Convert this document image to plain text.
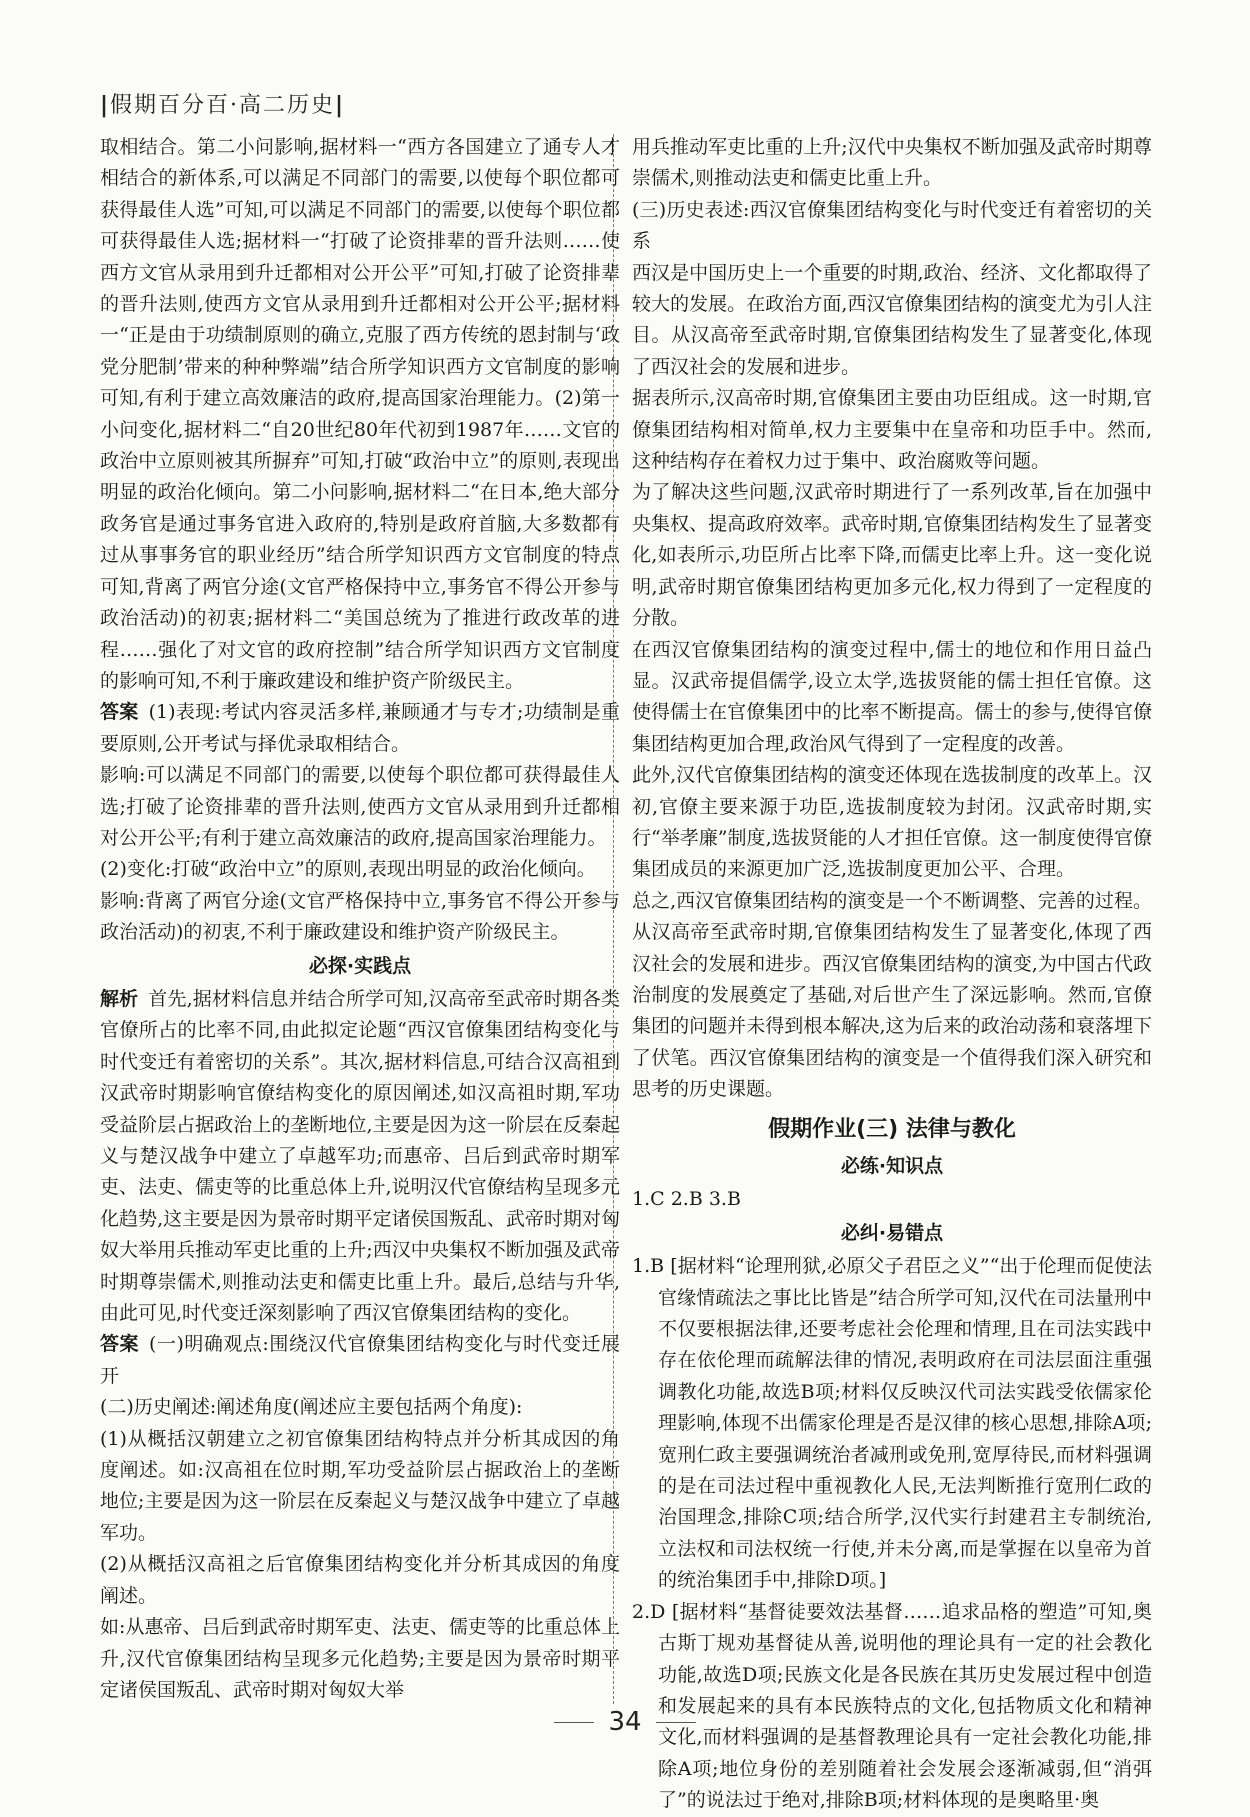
|假期百分百·高二历史|

取相结合。第二小问影响,据材料一“西方各国建立了通专人才相结合的新体系,可以满足不同部门的需要,以使每个职位都可获得最佳人选”可知,可以满足不同部门的需要,以使每个职位都可获得最佳人选;据材料一“打破了论资排辈的晋升法则……使西方文官从录用到升迁都相对公开公平”可知,打破了论资排辈的晋升法则,使西方文官从录用到升迁都相对公开公平;据材料一“正是由于功绩制原则的确立,克服了西方传统的恩封制与‘政党分肥制’带来的种种弊端”结合所学知识西方文官制度的影响可知,有利于建立高效廉洁的政府,提高国家治理能力。(2)第一小问变化,据材料二“自20世纪80年代初到1987年……文官的政治中立原则被其所摒弃”可知,打破“政治中立”的原则,表现出明显的政治化倾向。第二小问影响,据材料二“在日本,绝大部分政务官是通过事务官进入政府的,特别是政府首脑,大多数都有过从事事务官的职业经历”结合所学知识西方文官制度的特点可知,背离了两官分途(文官严格保持中立,事务官不得公开参与政治活动)的初衷;据材料二“美国总统为了推进行政改革的进程……强化了对文官的政府控制”结合所学知识西方文官制度的影响可知,不利于廉政建设和维护资产阶级民主。

答案 (1)表现:考试内容灵活多样,兼顾通才与专才;功绩制是重要原则,公开考试与择优录取相结合。

影响:可以满足不同部门的需要,以使每个职位都可获得最佳人选;打破了论资排辈的晋升法则,使西方文官从录用到升迁都相对公开公平;有利于建立高效廉洁的政府,提高国家治理能力。

(2)变化:打破“政治中立”的原则,表现出明显的政治化倾向。

影响:背离了两官分途(文官严格保持中立,事务官不得公开参与政治活动)的初衷,不利于廉政建设和维护资产阶级民主。

必探·实践点

解析 首先,据材料信息并结合所学可知,汉高帝至武帝时期各类官僚所占的比率不同,由此拟定论题“西汉官僚集团结构变化与时代变迁有着密切的关系”。其次,据材料信息,可结合汉高祖到汉武帝时期影响官僚结构变化的原因阐述,如汉高祖时期,军功受益阶层占据政治上的垄断地位,主要是因为这一阶层在反秦起义与楚汉战争中建立了卓越军功;而惠帝、吕后到武帝时期军吏、法吏、儒吏等的比重总体上升,说明汉代官僚结构呈现多元化趋势,这主要是因为景帝时期平定诸侯国叛乱、武帝时期对匈奴大举用兵推动军吏比重的上升;西汉中央集权不断加强及武帝时期尊崇儒术,则推动法吏和儒吏比重上升。最后,总结与升华,由此可见,时代变迁深刻影响了西汉官僚集团结构的变化。

答案 (一)明确观点:围绕汉代官僚集团结构变化与时代变迁展开

(二)历史阐述:阐述角度(阐述应主要包括两个角度):

(1)从概括汉朝建立之初官僚集团结构特点并分析其成因的角度阐述。如:汉高祖在位时期,军功受益阶层占据政治上的垄断地位;主要是因为这一阶层在反秦起义与楚汉战争中建立了卓越军功。

(2)从概括汉高祖之后官僚集团结构变化并分析其成因的角度阐述。

如:从惠帝、吕后到武帝时期军吏、法吏、儒吏等的比重总体上升,汉代官僚集团结构呈现多元化趋势;主要是因为景帝时期平定诸侯国叛乱、武帝时期对匈奴大举

用兵推动军吏比重的上升;汉代中央集权不断加强及武帝时期尊崇儒术,则推动法吏和儒吏比重上升。

(三)历史表述:西汉官僚集团结构变化与时代变迁有着密切的关系

西汉是中国历史上一个重要的时期,政治、经济、文化都取得了较大的发展。在政治方面,西汉官僚集团结构的演变尤为引人注目。从汉高帝至武帝时期,官僚集团结构发生了显著变化,体现了西汉社会的发展和进步。

据表所示,汉高帝时期,官僚集团主要由功臣组成。这一时期,官僚集团结构相对简单,权力主要集中在皇帝和功臣手中。然而,这种结构存在着权力过于集中、政治腐败等问题。

为了解决这些问题,汉武帝时期进行了一系列改革,旨在加强中央集权、提高政府效率。武帝时期,官僚集团结构发生了显著变化,如表所示,功臣所占比率下降,而儒吏比率上升。这一变化说明,武帝时期官僚集团结构更加多元化,权力得到了一定程度的分散。

在西汉官僚集团结构的演变过程中,儒士的地位和作用日益凸显。汉武帝提倡儒学,设立太学,选拔贤能的儒士担任官僚。这使得儒士在官僚集团中的比率不断提高。儒士的参与,使得官僚集团结构更加合理,政治风气得到了一定程度的改善。

此外,汉代官僚集团结构的演变还体现在选拔制度的改革上。汉初,官僚主要来源于功臣,选拔制度较为封闭。汉武帝时期,实行“举孝廉”制度,选拔贤能的人才担任官僚。这一制度使得官僚集团成员的来源更加广泛,选拔制度更加公平、合理。

总之,西汉官僚集团结构的演变是一个不断调整、完善的过程。从汉高帝至武帝时期,官僚集团结构发生了显著变化,体现了西汉社会的发展和进步。西汉官僚集团结构的演变,为中国古代政治制度的发展奠定了基础,对后世产生了深远影响。然而,官僚集团的问题并未得到根本解决,这为后来的政治动荡和衰落埋下了伏笔。西汉官僚集团结构的演变是一个值得我们深入研究和思考的历史课题。

假期作业(三) 法律与教化
必练·知识点

1.C 2.B 3.B

必纠·易错点

1.B [据材料“论理刑狱,必原父子君臣之义”“出于伦理而促使法官缘情疏法之事比比皆是”结合所学可知,汉代在司法量刑中不仅要根据法律,还要考虑社会伦理和情理,且在司法实践中存在依伦理而疏解法律的情况,表明政府在司法层面注重强调教化功能,故选B项;材料仅反映汉代司法实践受依儒家伦理影响,体现不出儒家伦理是否是汉律的核心思想,排除A项;宽刑仁政主要强调统治者减刑或免刑,宽厚待民,而材料强调的是在司法过程中重视教化人民,无法判断推行宽刑仁政的治国理念,排除C项;结合所学,汉代实行封建君主专制统治,立法权和司法权统一行使,并未分离,而是掌握在以皇帝为首的统治集团手中,排除D项。]

2.D [据材料“基督徒要效法基督……追求品格的塑造”可知,奥古斯丁规劝基督徒从善,说明他的理论具有一定的社会教化功能,故选D项;民族文化是各民族在其历史发展过程中创造和发展起来的具有本民族特点的文化,包括物质文化和精神文化,而材料强调的是基督教理论具有一定社会教化功能,排除A项;地位身份的差别随着社会发展会逐渐减弱,但“消弭了”的说法过于绝对,排除B项;材料体现的是奥略里·奥

34
